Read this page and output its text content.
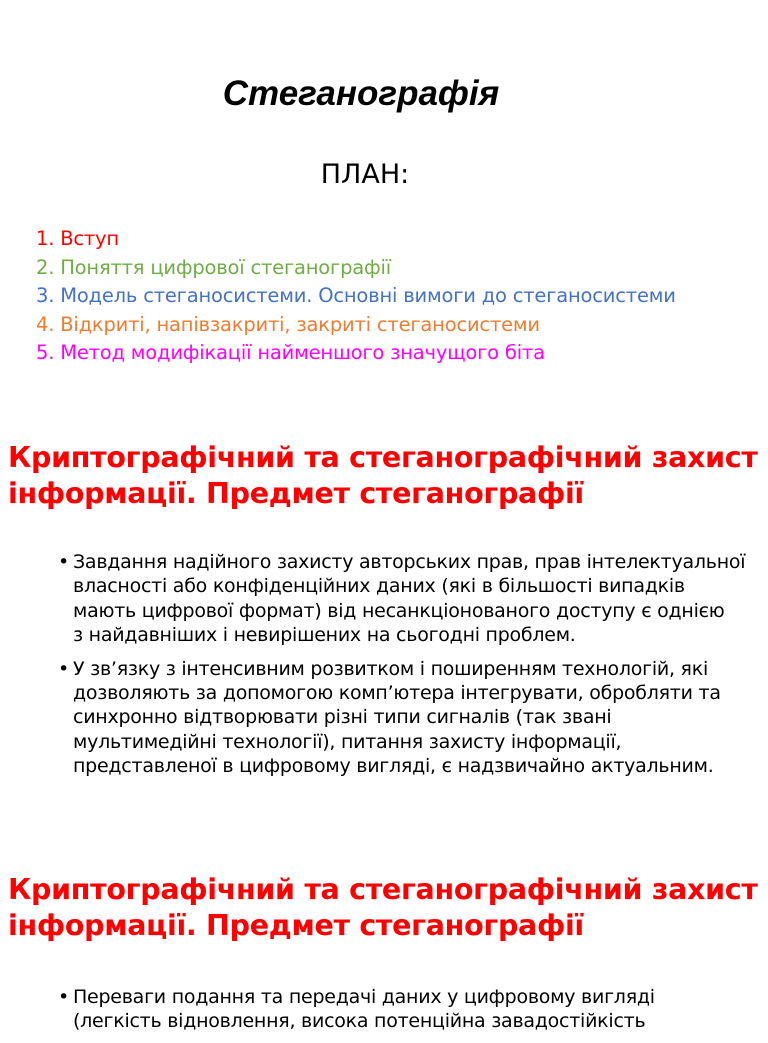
Стеганографія
ПЛАН:
1. Вступ
2. Поняття цифрової стеганографії
3. Модель стеганосистеми. Основні вимоги до стеганосистеми
4. Відкриті, напівзакриті, закриті стеганосистеми
5. Метод модифікації найменшого значущого біта
Криптографічний та стеганографічний захист
інформації. Предмет стеганографії
• Завдання надійного захисту авторських прав, прав інтелектуальної
власності або конфіденційних даних (які в більшості випадків
мають цифрової формат) від несанкціонованого доступу є однією
з найдавніших і невирішених на сьогодні проблем.
• У зв’язку з інтенсивним розвитком і поширенням технологій, які
дозволяють за допомогою комп’ютера інтегрувати, обробляти та
синхронно відтворювати різні типи сигналів (так звані
мультимедійні технології), питання захисту інформації,
представленої в цифровому вигляді, є надзвичайно актуальним.
Криптографічний та стеганографічний захист
інформації. Предмет стеганографії
• Переваги подання та передачі даних у цифровому вигляді
(легкість відновлення, висока потенційна завадостійкість
